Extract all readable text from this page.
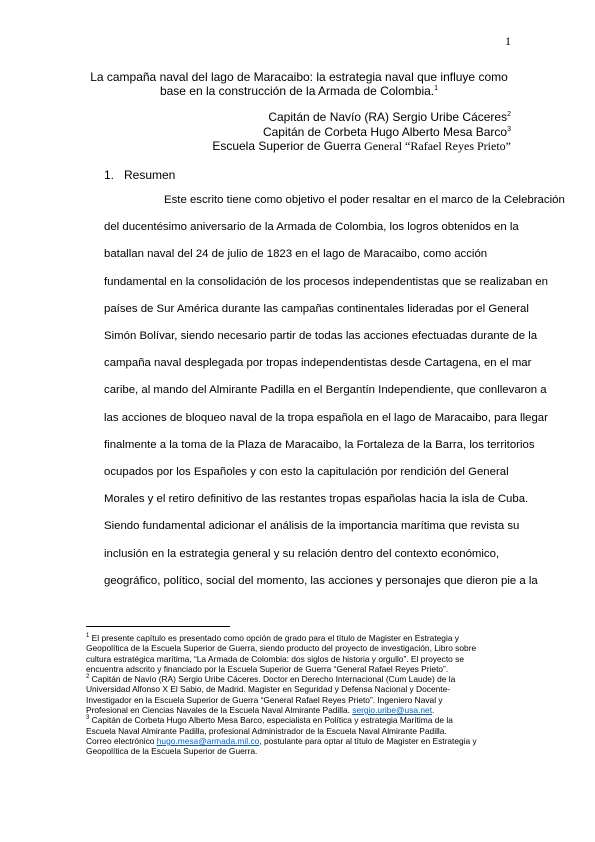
1
La campaña naval del lago de Maracaibo: la estrategia naval que influye como
base en la construcción de la Armada de Colombia.$^1$
Capitán de Navío (RA) Sergio Uribe Cáceres$^2$
Capitán de Corbeta Hugo Alberto Mesa Barco$^3$
Escuela Superior de Guerra General “Rafael Reyes Prieto”
1. Resumen
Este escrito tiene como objetivo el poder resaltar en el marco de la Celebración
del ducentésimo aniversario de la Armada de Colombia, los logros obtenidos en la
batallan naval del 24 de julio de 1823 en el lago de Maracaibo, como acción
fundamental en la consolidación de los procesos independentistas que se realizaban en
países de Sur América durante las campañas continentales lideradas por el General
Simón Bolívar, siendo necesario partir de todas las acciones efectuadas durante de la
campaña naval desplegada por tropas independentistas desde Cartagena, en el mar
caribe, al mando del Almirante Padilla en el Bergantín Independiente, que conllevaron a
las acciones de bloqueo naval de la tropa española en el lago de Maracaibo, para llegar
finalmente a la toma de la Plaza de Maracaibo, la Fortaleza de la Barra, los territorios
ocupados por los Españoles y con esto la capitulación por rendición del General
Morales y el retiro definitivo de las restantes tropas españolas hacia la isla de Cuba.
Siendo fundamental adicionar el análisis de la importancia marítima que revista su
inclusión en la estrategia general y su relación dentro del contexto económico,
geográfico, político, social del momento, las acciones y personajes que dieron pie a la
$^1$ El presente capítulo es presentado como opción de grado para el título de Magister en Estrategia y
Geopolítica de la Escuela Superior de Guerra, siendo producto del proyecto de investigación, Libro sobre
cultura estratégica marítima, “La Armada de Colombia: dos siglos de historia y orgullo”. El proyecto se
encuentra adscrito y financiado por la Escuela Superior de Guerra “General Rafael Reyes Prieto”.
$^2$ Capitán de Navío (RA) Sergio Uribe Cáceres. Doctor en Derecho Internacional (Cum Laude) de la
Universidad Alfonso X El Sabio, de Madrid. Magister en Seguridad y Defensa Nacional y Docente-
Investigador en la Escuela Superior de Guerra “General Rafael Reyes Prieto”. Ingeniero Naval y
Profesional en Ciencias Navales de la Escuela Naval Almirante Padilla. sergio.uribe@usa.net.
$^3$ Capitán de Corbeta Hugo Alberto Mesa Barco, especialista en Política y estrategia Marítima de la
Escuela Naval Almirante Padilla, profesional Administrador de la Escuela Naval Almirante Padilla.
Correo electrónico hugo.mesa@armada.mil.co, postulante para optar al título de Magister en Estrategia y
Geopolítica de la Escuela Superior de Guerra.
